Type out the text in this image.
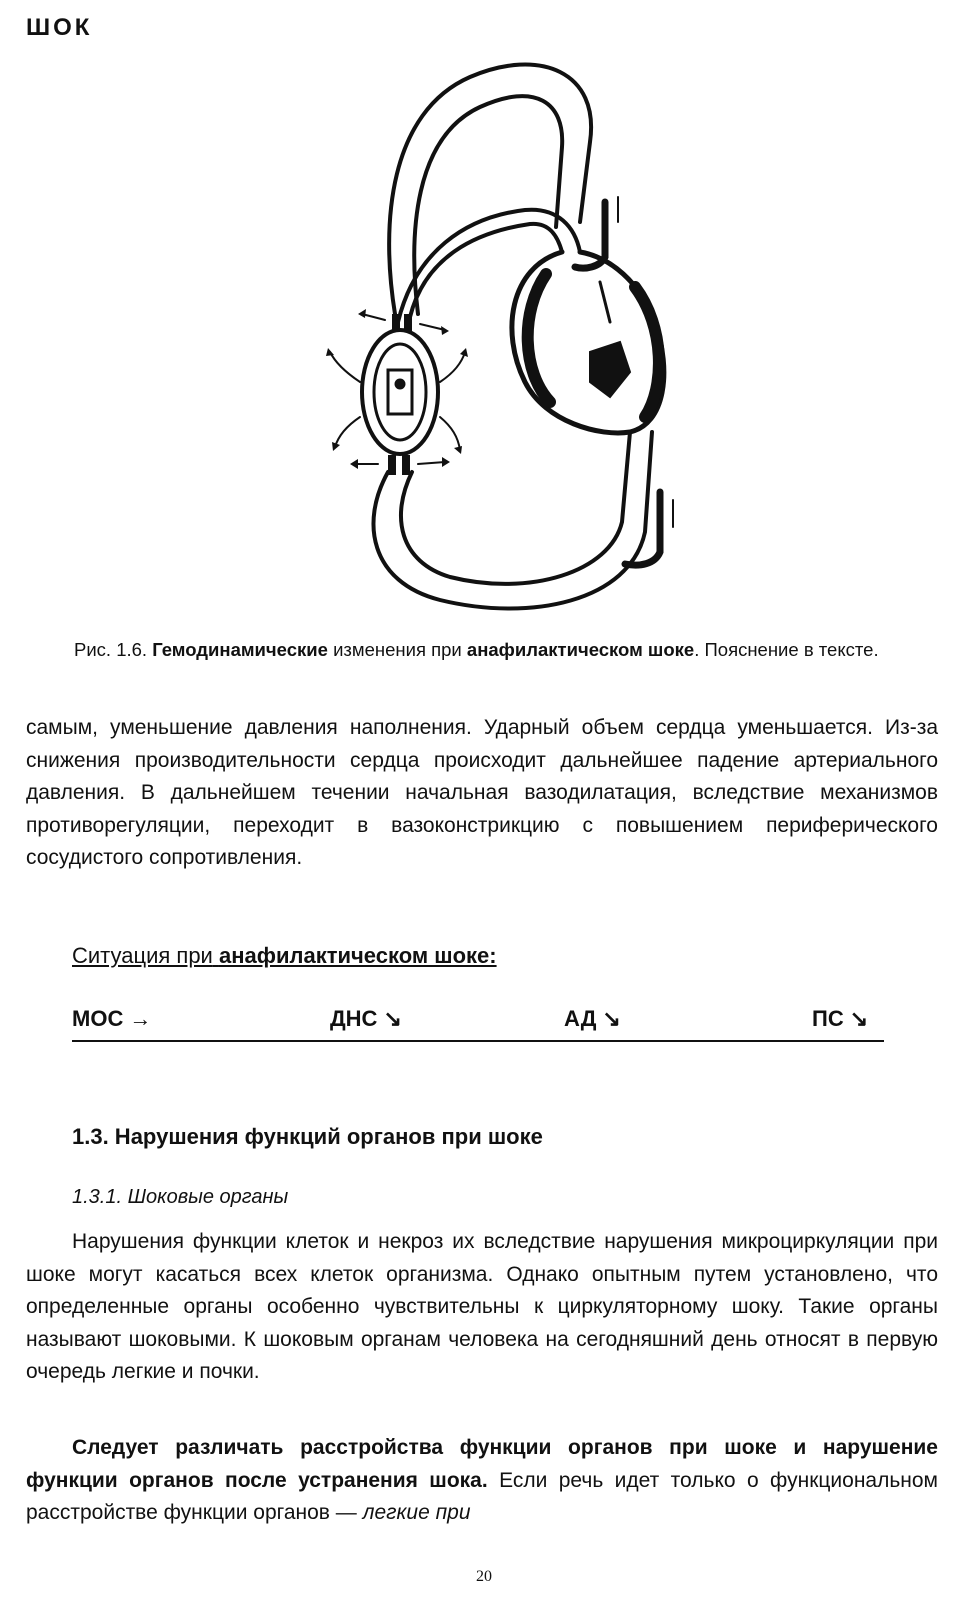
ШОК
Рис. 1.6. Гемодинамические изменения при анафилактическом шоке. Пояснение в тексте.
самым, уменьшение давления наполнения. Ударный объем сердца уменьшается. Из-за снижения производительности сердца происходит дальнейшее падение артериального давления. В дальнейшем течении начальная вазодилатация, вследствие механизмов противорегуляции, переходит в вазоконстрикцию с повышением периферического сосудистого сопротивления.
Ситуация при анафилактическом шоке:
МОС →	ДНС ↘	АД ↘	ПС ↘
1.3. Нарушения функций органов при шоке
1.3.1. Шоковые органы
Нарушения функции клеток и некроз их вследствие нарушения микроциркуляции при шоке могут касаться всех клеток организма. Однако опытным путем установлено, что определенные органы особенно чувствительны к циркуляторному шоку. Такие органы называют шоковыми. К шоковым органам человека на сегодняшний день относят в первую очередь легкие и почки.
Следует различать расстройства функции органов при шоке и нарушение функции органов после устранения шока. Если речь идет только о функциональном расстройстве функции органов — легкие при
20
